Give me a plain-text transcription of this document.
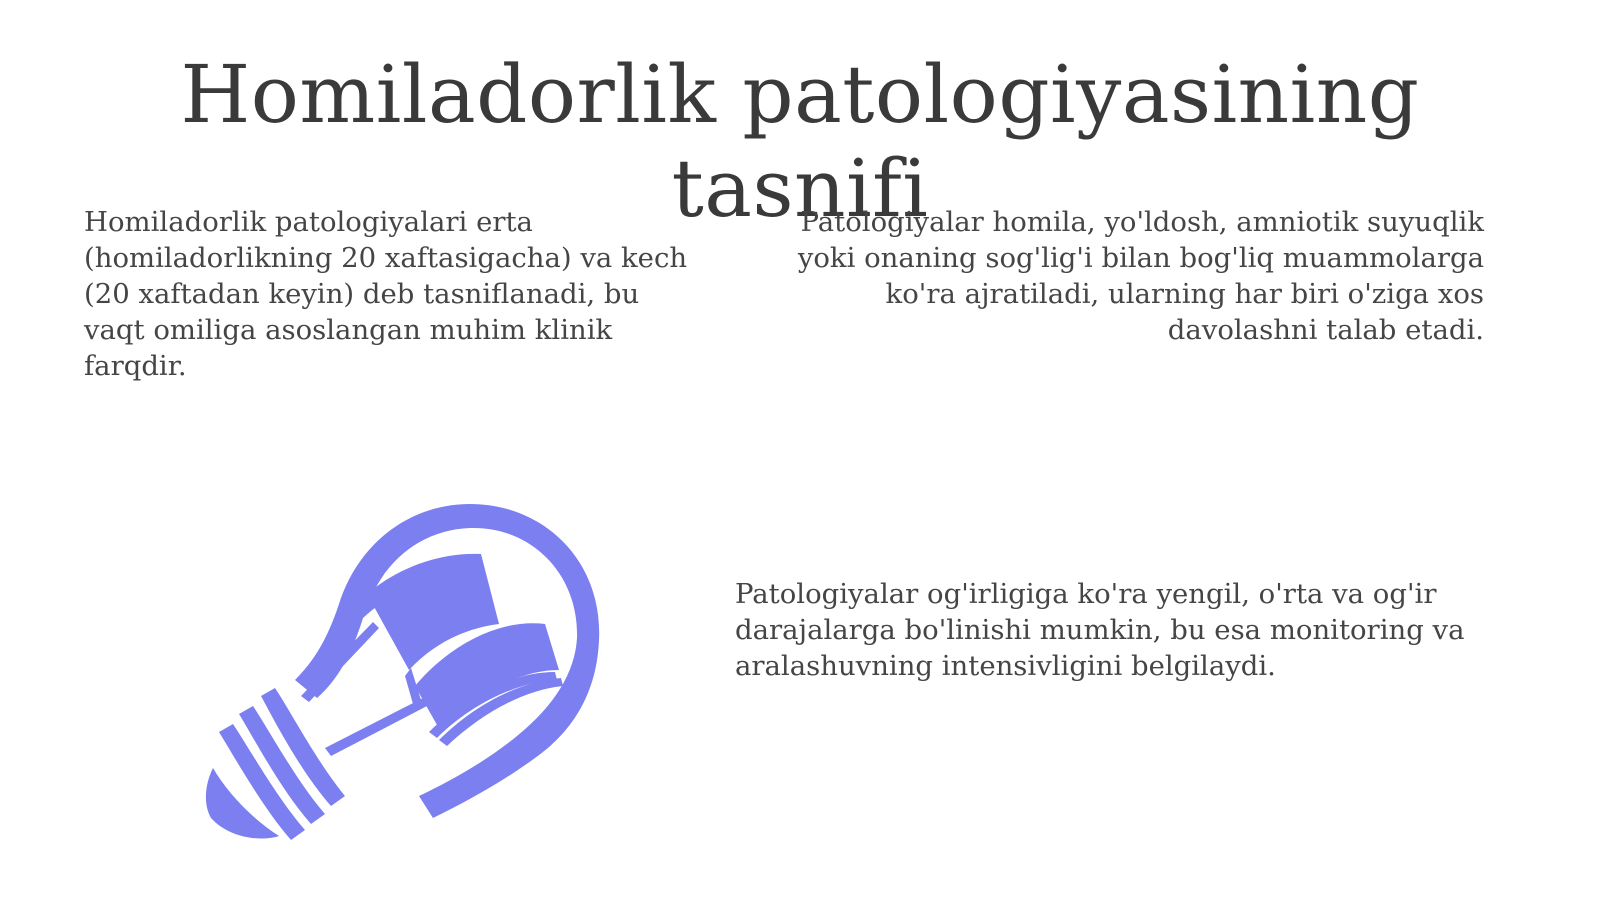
Homiladorlik patologiyasining tasnifi

Homiladorlik patologiyalari erta (homiladorlikning 20 xaftasigacha) va kech (20 xaftadan keyin) deb tasniflanadi, bu vaqt omiliga asoslangan muhim klinik farqdir.

Patologiyalar homila, yo'ldosh, amniotik suyuqlik yoki onaning sog'lig'i bilan bog'liq muammolarga ko'ra ajratiladi, ularning har biri o'ziga xos davolashni talab etadi.

Patologiyalar og'irligiga ko'ra yengil, o'rta va og'ir darajalarga bo'linishi mumkin, bu esa monitoring va aralashuvning intensivligini belgilaydi.
